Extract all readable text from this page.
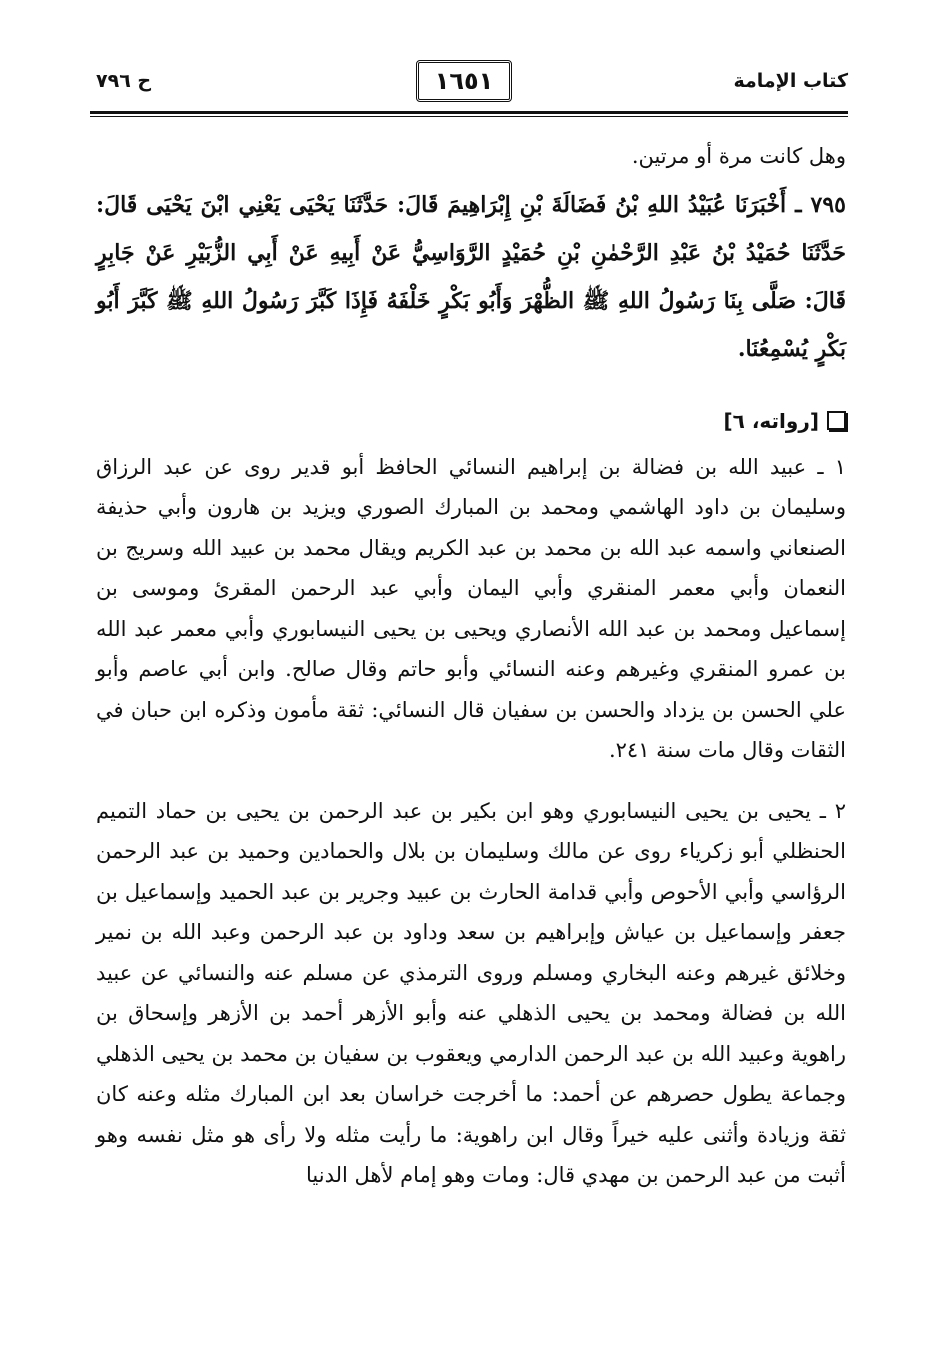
كتاب الإمامة
١٦٥١
ح ٧٩٦
وهل كانت مرة أو مرتين.
٧٩٥ ـ أَخْبَرَنَا عُبَيْدُ اللهِ بْنُ فَضَالَةَ بْنِ إِبْرَاهِيمَ قَالَ: حَدَّثَنَا يَحْيَى يَعْنِي ابْنَ يَحْيَى قَالَ: حَدَّثَنَا حُمَيْدُ بْنُ عَبْدِ الرَّحْمٰنِ بْنِ حُمَيْدٍ الرَّوَاسِيُّ عَنْ أَبِيهِ عَنْ أَبِي الزُّبَيْرِ عَنْ جَابِرٍ قَالَ: صَلَّى بِنَا رَسُولُ اللهِ ﷺ الظُّهْرَ وَأَبُو بَكْرٍ خَلْفَهُ فَإِذَا كَبَّرَ رَسُولُ اللهِ ﷺ كَبَّرَ أَبُو بَكْرٍ يُسْمِعُنَا.
[رواته، ٦]
١ ـ عبيد الله بن فضالة بن إبراهيم النسائي الحافظ أبو قدير روى عن عبد الرزاق وسليمان بن داود الهاشمي ومحمد بن المبارك الصوري ويزيد بن هارون وأبي حذيفة الصنعاني واسمه عبد الله بن محمد بن عبد الكريم ويقال محمد بن عبيد الله وسريج بن النعمان وأبي معمر المنقري وأبي اليمان وأبي عبد الرحمن المقرئ وموسى بن إسماعيل ومحمد بن عبد الله الأنصاري ويحيى بن يحيى النيسابوري وأبي معمر عبد الله بن عمرو المنقري وغيرهم وعنه النسائي وأبو حاتم وقال صالح. وابن أبي عاصم وأبو علي الحسن بن يزداد والحسن بن سفيان قال النسائي: ثقة مأمون وذكره ابن حبان في الثقات وقال مات سنة ٢٤١.
٢ ـ يحيى بن يحيى النيسابوري وهو ابن بكير بن عبد الرحمن بن يحيى بن حماد التميم الحنظلي أبو زكرياء روى عن مالك وسليمان بن بلال والحمادين وحميد بن عبد الرحمن الرؤاسي وأبي الأحوص وأبي قدامة الحارث بن عبيد وجرير بن عبد الحميد وإسماعيل بن جعفر وإسماعيل بن عياش وإبراهيم بن سعد وداود بن عبد الرحمن وعبد الله بن نمير وخلائق غيرهم وعنه البخاري ومسلم وروى الترمذي عن مسلم عنه والنسائي عن عبيد الله بن فضالة ومحمد بن يحيى الذهلي عنه وأبو الأزهر أحمد بن الأزهر وإسحاق بن راهوية وعبيد الله بن عبد الرحمن الدارمي ويعقوب بن سفيان بن محمد بن يحيى الذهلي وجماعة يطول حصرهم عن أحمد: ما أخرجت خراسان بعد ابن المبارك مثله وعنه كان ثقة وزيادة وأثنى عليه خيراً وقال ابن راهوية: ما رأيت مثله ولا رأى هو مثل نفسه وهو أثبت من عبد الرحمن بن مهدي قال: ومات وهو إمام لأهل الدنيا
